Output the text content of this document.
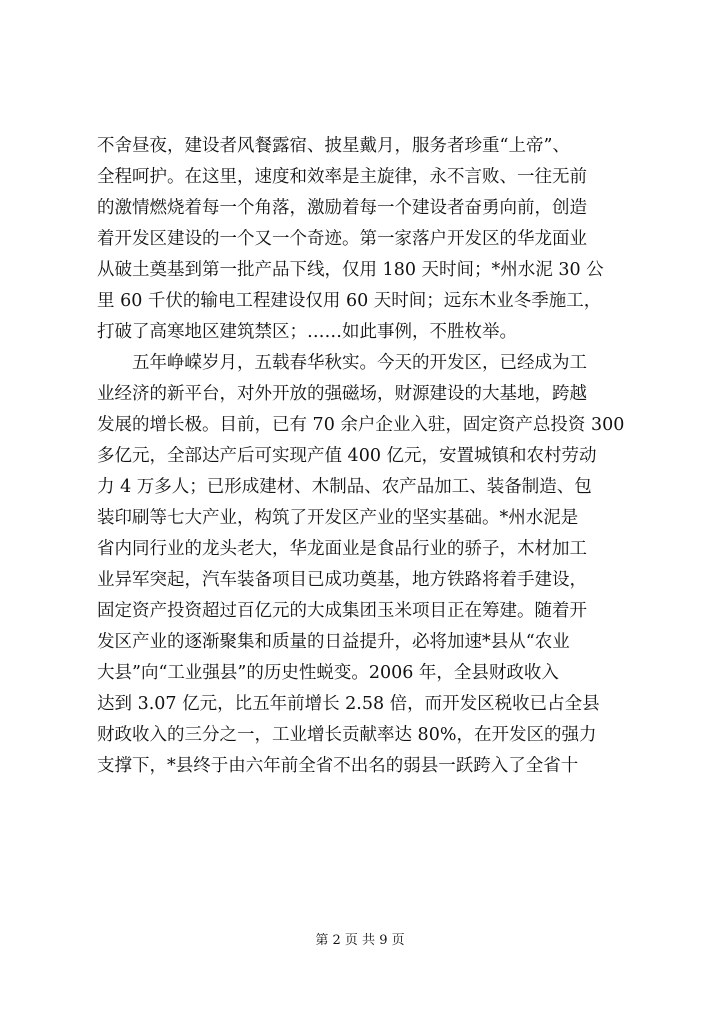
不舍昼夜，建设者风餐露宿、披星戴月，服务者珍重“上帝”、
全程呵护。在这里，速度和效率是主旋律，永不言败、一往无前
的激情燃烧着每一个角落，激励着每一个建设者奋勇向前，创造
着开发区建设的一个又一个奇迹。第一家落户开发区的华龙面业
从破土奠基到第一批产品下线，仅用 180 天时间；*州水泥 30 公
里 60 千伏的输电工程建设仅用 60 天时间；远东木业冬季施工，
打破了高寒地区建筑禁区；……如此事例，不胜枚举。
五年峥嵘岁月，五载春华秋实。今天的开发区，已经成为工
业经济的新平台，对外开放的强磁场，财源建设的大基地，跨越
发展的增长极。目前，已有 70 余户企业入驻，固定资产总投资 300
多亿元，全部达产后可实现产值 400 亿元，安置城镇和农村劳动
力 4 万多人；已形成建材、木制品、农产品加工、装备制造、包
装印刷等七大产业，构筑了开发区产业的坚实基础。*州水泥是
省内同行业的龙头老大，华龙面业是食品行业的骄子，木材加工
业异军突起，汽车装备项目已成功奠基，地方铁路将着手建设，
固定资产投资超过百亿元的大成集团玉米项目正在筹建。随着开
发区产业的逐渐聚集和质量的日益提升，必将加速*县从“农业
大县”向“工业强县”的历史性蜕变。2006 年，全县财政收入
达到 3.07 亿元，比五年前增长 2.58 倍，而开发区税收已占全县
财政收入的三分之一，工业增长贡献率达 80%，在开发区的强力
支撑下，*县终于由六年前全省不出名的弱县一跃跨入了全省十
第 2 页 共 9 页
